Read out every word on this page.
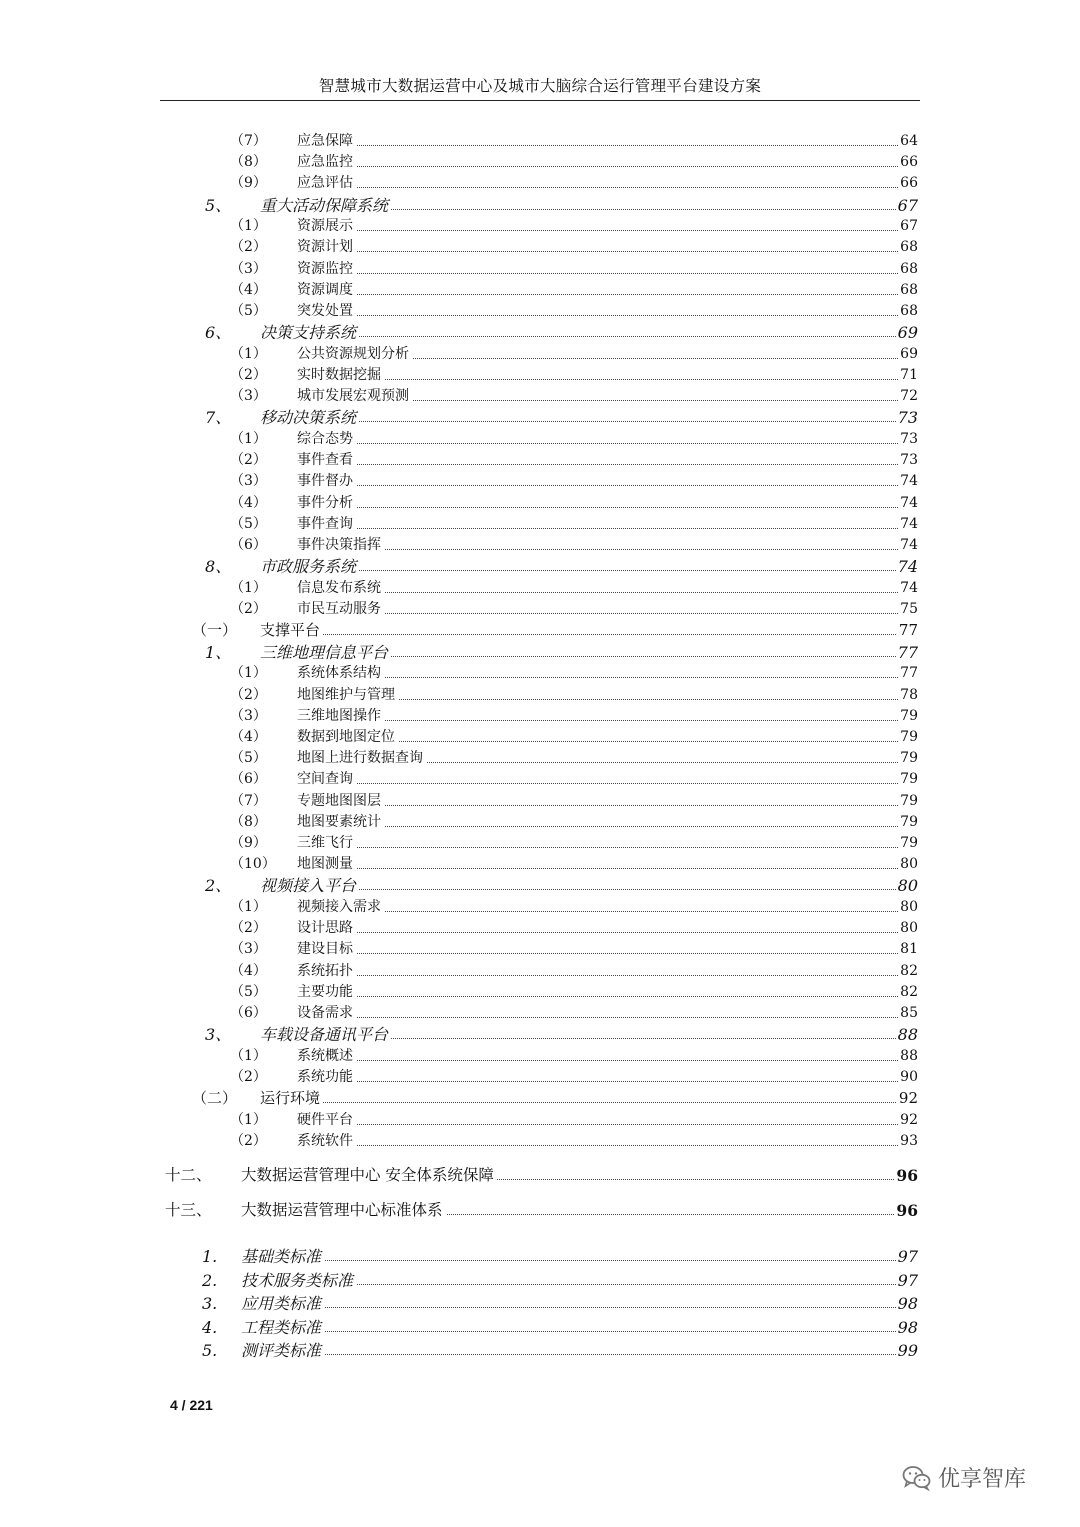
智慧城市大数据运营中心及城市大脑综合运行管理平台建设方案
（7） 应急保障	64
（8） 应急监控	66
（9） 应急评估	66
5、 重大活动保障系统	67
（1） 资源展示	67
（2） 资源计划	68
（3） 资源监控	68
（4） 资源调度	68
（5） 突发处置	68
6、 决策支持系统	69
（1） 公共资源规划分析	69
（2） 实时数据挖掘	71
（3） 城市发展宏观预测	72
7、 移动决策系统	73
（1） 综合态势	73
（2） 事件查看	73
（3） 事件督办	74
（4） 事件分析	74
（5） 事件查询	74
（6） 事件决策指挥	74
8、 市政服务系统	74
（1） 信息发布系统	74
（2） 市民互动服务	75
（一） 支撑平台	77
1、 三维地理信息平台	77
（1） 系统体系结构	77
（2） 地图维护与管理	78
（3） 三维地图操作	79
（4） 数据到地图定位	79
（5） 地图上进行数据查询	79
（6） 空间查询	79
（7） 专题地图图层	79
（8） 地图要素统计	79
（9） 三维飞行	79
（10） 地图测量	80
2、 视频接入平台	80
（1） 视频接入需求	80
（2） 设计思路	80
（3） 建设目标	81
（4） 系统拓扑	82
（5） 主要功能	82
（6） 设备需求	85
3、 车载设备通讯平台	88
（1） 系统概述	88
（2） 系统功能	90
（二） 运行环境	92
（1） 硬件平台	92
（2） 系统软件	93
十二、 大数据运营管理中心 安全体系统保障	96
十三、 大数据运营管理中心标准体系	96
1. 基础类标准	97
2. 技术服务类标准	97
3. 应用类标准	98
4. 工程类标准	98
5. 测评类标准	99
4 / 221
优享智库
